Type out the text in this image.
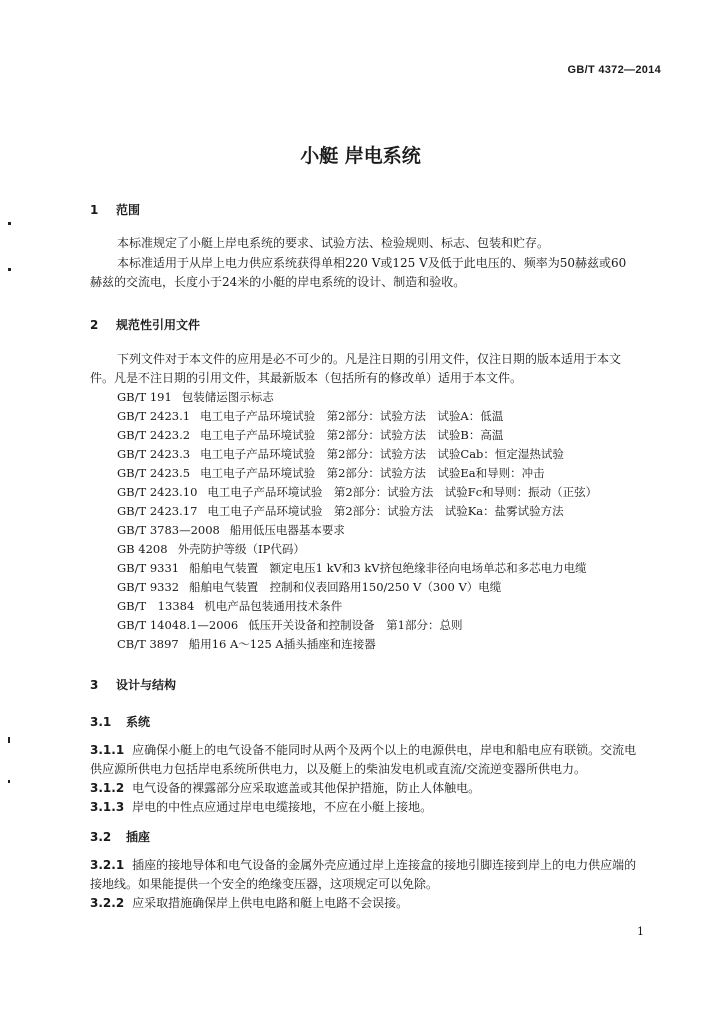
GB/T 4372—2014
小艇 岸电系统
1 范围
本标准规定了小艇上岸电系统的要求、试验方法、检验规则、标志、包装和贮存。
本标准适用于从岸上电力供应系统获得单相220 V或125 V及低于此电压的、频率为50赫兹或60赫兹的交流电，长度小于24米的小艇的岸电系统的设计、制造和验收。
2 规范性引用文件
下列文件对于本文件的应用是必不可少的。凡是注日期的引用文件，仅注日期的版本适用于本文件。凡是不注日期的引用文件，其最新版本（包括所有的修改单）适用于本文件。
GB/T 191 包装储运图示标志
GB/T 2423.1 电工电子产品环境试验　第2部分：试验方法　试验A：低温
GB/T 2423.2 电工电子产品环境试验　第2部分：试验方法　试验B：高温
GB/T 2423.3 电工电子产品环境试验　第2部分：试验方法　试验Cab：恒定湿热试验
GB/T 2423.5 电工电子产品环境试验　第2部分：试验方法　试验Ea和导则：冲击
GB/T 2423.10 电工电子产品环境试验　第2部分：试验方法　试验Fc和导则：振动（正弦）
GB/T 2423.17 电工电子产品环境试验　第2部分：试验方法　试验Ka：盐雾试验方法
GB/T 3783—2008 船用低压电器基本要求
GB 4208 外壳防护等级（IP代码）
GB/T 9331 船舶电气装置　额定电压1 kV和3 kV挤包绝缘非径向电场单芯和多芯电力电缆
GB/T 9332 船舶电气装置　控制和仪表回路用150/250 V（300 V）电缆
GB/T　13384 机电产品包装通用技术条件
GB/T 14048.1—2006 低压开关设备和控制设备　第1部分：总则
CB/T 3897 船用16 A～125 A插头插座和连接器
3 设计与结构
3.1 系统
3.1.1 应确保小艇上的电气设备不能同时从两个及两个以上的电源供电，岸电和船电应有联锁。交流电供应源所供电力包括岸电系统所供电力，以及艇上的柴油发电机或直流/交流逆变器所供电力。
3.1.2 电气设备的裸露部分应采取遮盖或其他保护措施，防止人体触电。
3.1.3 岸电的中性点应通过岸电电缆接地，不应在小艇上接地。
3.2 插座
3.2.1 插座的接地导体和电气设备的金属外壳应通过岸上连接盒的接地引脚连接到岸上的电力供应端的接地线。如果能提供一个安全的绝缘变压器，这项规定可以免除。
3.2.2 应采取措施确保岸上供电电路和艇上电路不会误接。
1
